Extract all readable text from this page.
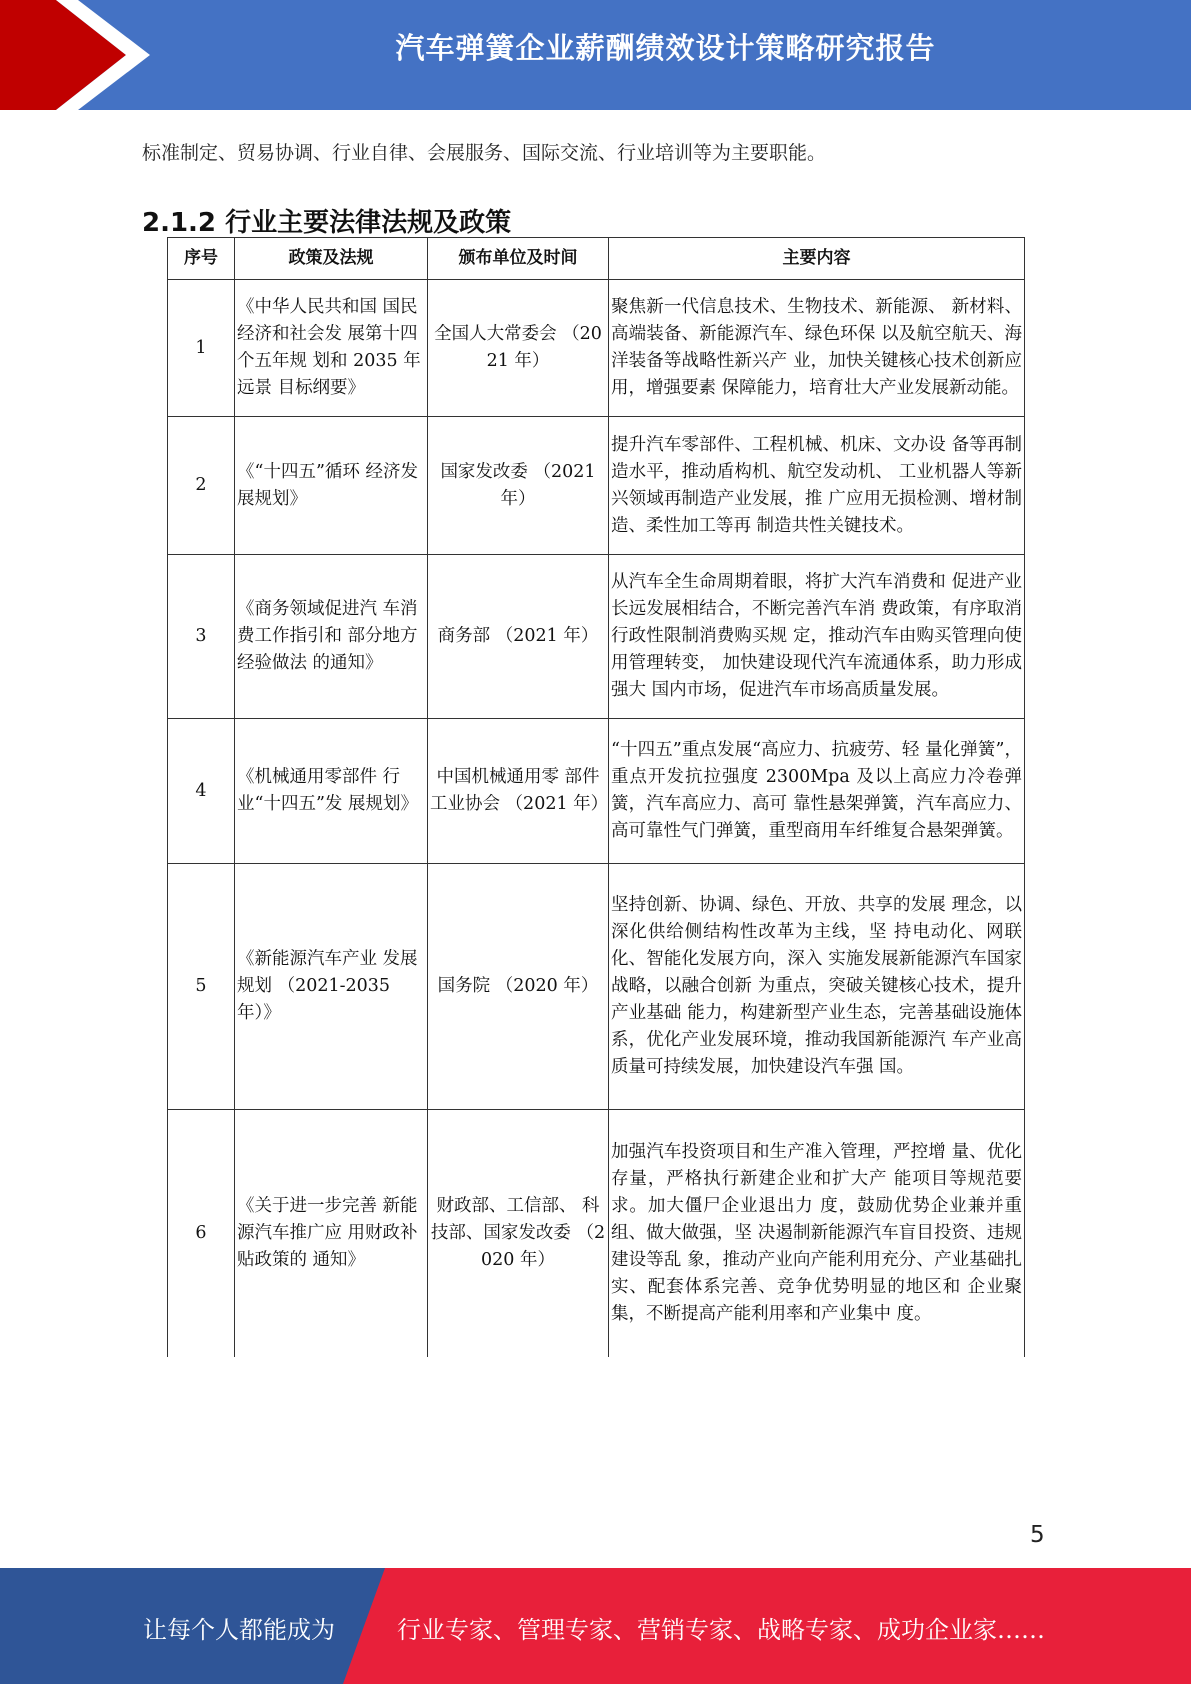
汽车弹簧企业薪酬绩效设计策略研究报告
标准制定、贸易协调、行业自律、会展服务、国际交流、行业培训等为主要职能。
2.1.2 行业主要法律法规及政策
序号	政策及法规	颁布单位及时间	主要内容
1	《中华人民共和国 国民经济和社会发 展第十四个五年规 划和 2035 年远景 目标纲要》	全国人大常委会 （2021 年）	聚焦新一代信息技术、生物技术、新能源、 新材料、高端装备、新能源汽车、绿色环保 以及航空航天、海洋装备等战略性新兴产 业，加快关键核心技术创新应用，增强要素 保障能力，培育壮大产业发展新动能。
2	《“十四五”循环 经济发展规划》	国家发改委 （2021 年）	提升汽车零部件、工程机械、机床、文办设 备等再制造水平，推动盾构机、航空发动机、 工业机器人等新兴领域再制造产业发展，推 广应用无损检测、增材制造、柔性加工等再 制造共性关键技术。
3	《商务领域促进汽 车消费工作指引和 部分地方经验做法 的通知》	商务部 （2021 年）	从汽车全生命周期着眼，将扩大汽车消费和 促进产业长远发展相结合，不断完善汽车消 费政策，有序取消行政性限制消费购买规 定，推动汽车由购买管理向使用管理转变， 加快建设现代汽车流通体系，助力形成强大 国内市场，促进汽车市场高质量发展。
4	《机械通用零部件 行业“十四五”发 展规划》	中国机械通用零 部件工业协会 （2021 年）	“十四五”重点发展“高应力、抗疲劳、轻 量化弹簧”，重点开发抗拉强度 2300Mpa 及以上高应力冷卷弹簧，汽车高应力、高可 靠性悬架弹簧，汽车高应力、高可靠性气门弹簧，重型商用车纤维复合悬架弹簧。
5	《新能源汽车产业 发展规划 （2021-2035 年）》	国务院 （2020 年）	坚持创新、协调、绿色、开放、共享的发展 理念，以深化供给侧结构性改革为主线，坚 持电动化、网联化、智能化发展方向，深入 实施发展新能源汽车国家战略，以融合创新 为重点，突破关键核心技术，提升产业基础 能力，构建新型产业生态，完善基础设施体 系，优化产业发展环境，推动我国新能源汽 车产业高质量可持续发展，加快建设汽车强 国。
6	《关于进一步完善 新能源汽车推广应 用财政补贴政策的 通知》	财政部、工信部、 科技部、国家发改委 （2020 年）	加强汽车投资项目和生产准入管理，严控增 量、优化存量，严格执行新建企业和扩大产 能项目等规范要求。加大僵尸企业退出力 度，鼓励优势企业兼并重组、做大做强，坚 决遏制新能源汽车盲目投资、违规建设等乱 象，推动产业向产能利用充分、产业基础扎 实、配套体系完善、竞争优势明显的地区和 企业聚集，不断提高产能利用率和产业集中 度。
5
让每个人都能成为	行业专家、管理专家、营销专家、战略专家、成功企业家……
